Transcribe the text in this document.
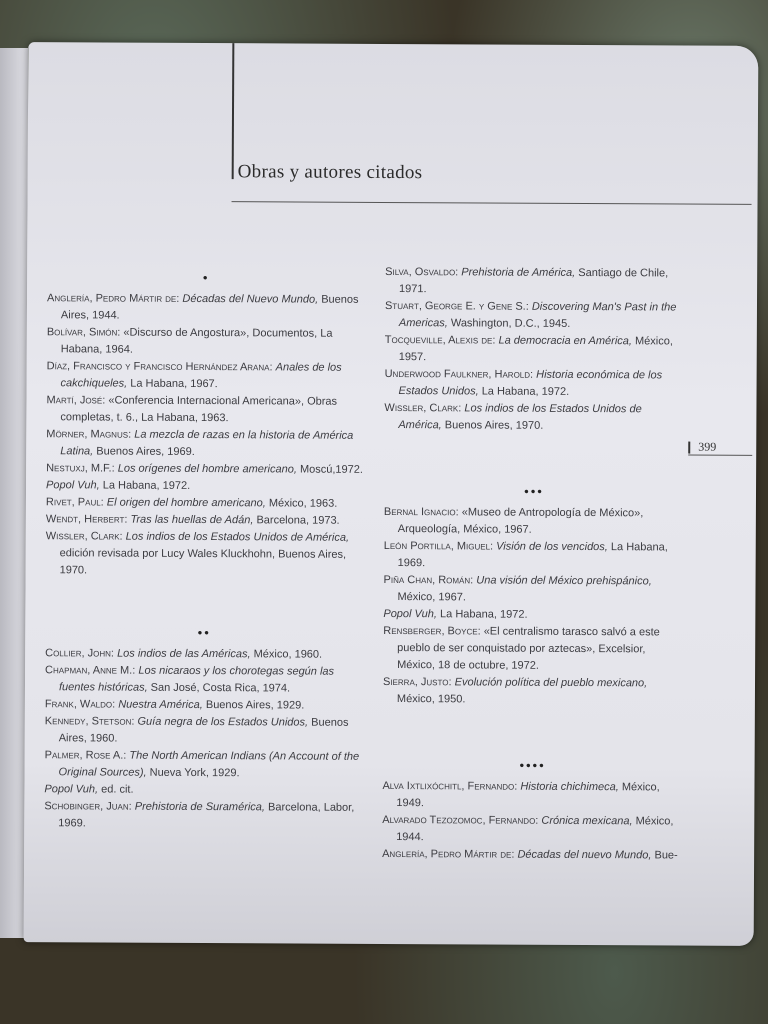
Obras y autores citados
•

Anglería, Pedro Mártir de: Décadas del Nuevo Mundo, Buenos Aires, 1944.

Bolívar, Simón: «Discurso de Angostura», Documentos, La Habana, 1964.

Díaz, Francisco y Francisco Hernández Arana: Anales de los cakchiqueles, La Habana, 1967.

Martí, José: «Conferencia Internacional Americana», Obras completas, t. 6., La Habana, 1963.

Mörner, Magnus: La mezcla de razas en la historia de América Latina, Buenos Aires, 1969.

Nestuxj, M.F.: Los orígenes del hombre americano, Moscú,1972.

Popol Vuh, La Habana, 1972.

Rivet, Paul: El origen del hombre americano, México, 1963.

Wendt, Herbert: Tras las huellas de Adán, Barcelona, 1973.

Wissler, Clark: Los indios de los Estados Unidos de América, edición revisada por Lucy Wales Kluckhohn, Buenos Aires, 1970.

••

Collier, John: Los indios de las Américas, México, 1960.

Chapman, Anne M.: Los nicaraos y los chorotegas según las fuentes históricas, San José, Costa Rica, 1974.

Frank, Waldo: Nuestra América, Buenos Aires, 1929.

Kennedy, Stetson: Guía negra de los Estados Unidos, Buenos Aires, 1960.

Palmer, Rose A.: The North American Indians (An Account of the Original Sources), Nueva York, 1929.

Popol Vuh, ed. cit.

Schobinger, Juan: Prehistoria de Suramérica, Barcelona, Labor, 1969.

Silva, Osvaldo: Prehistoria de América, Santiago de Chile, 1971.

Stuart, George E. y Gene S.: Discovering Man's Past in the Americas, Washington, D.C., 1945.

Tocqueville, Alexis de: La democracia en América, México, 1957.

Underwood Faulkner, Harold: Historia económica de los Estados Unidos, La Habana, 1972.

Wissler, Clark: Los indios de los Estados Unidos de América, Buenos Aires, 1970.

•••

Bernal Ignacio: «Museo de Antropología de México», Arqueología, México, 1967.

León Portilla, Miguel: Visión de los vencidos, La Habana, 1969.

Piña Chan, Román: Una visión del México prehispánico, México, 1967.

Popol Vuh, La Habana, 1972.

Rensberger, Boyce: «El centralismo tarasco salvó a este pueblo de ser conquistado por aztecas», Excelsior, México, 18 de octubre, 1972.

Sierra, Justo: Evolución política del pueblo mexicano, México, 1950.

••••

Alva Ixtlixóchitl, Fernando: Historia chichimeca, México, 1949.

Alvarado Tezozomoc, Fernando: Crónica mexicana, México, 1944.

Anglería, Pedro Mártir de: Décadas del nuevo Mundo, Bue-

399
